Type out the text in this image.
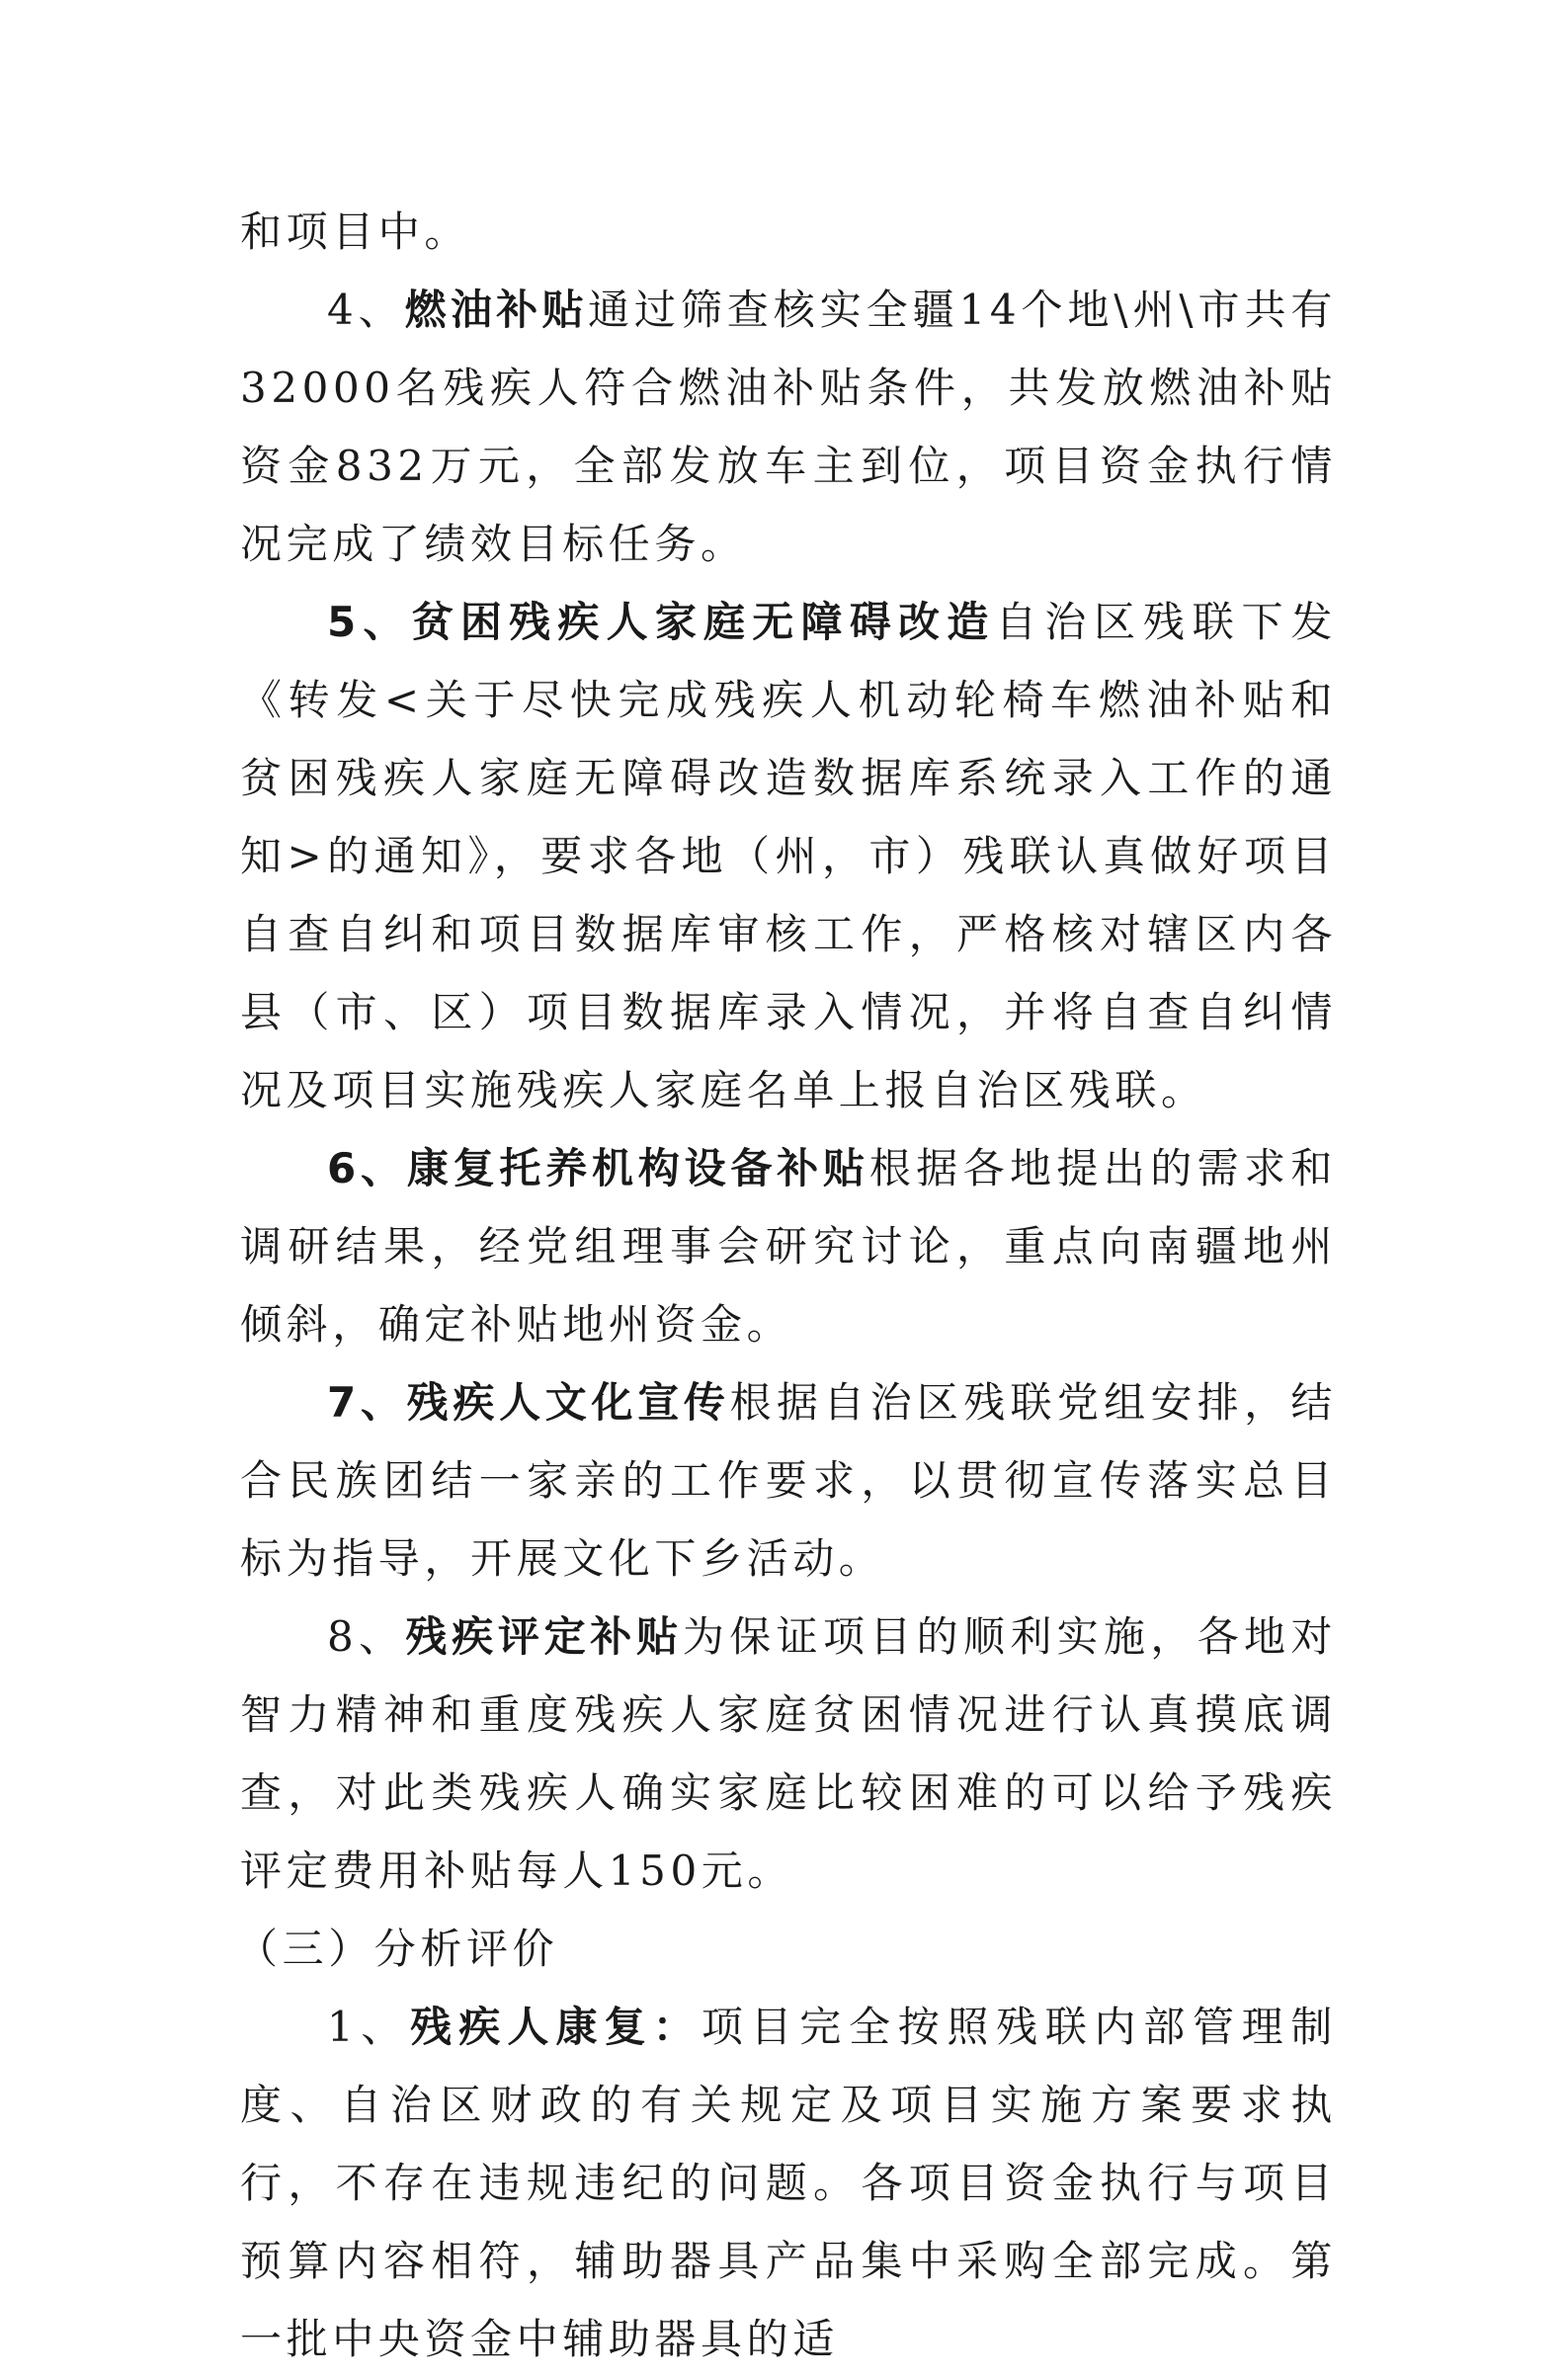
和项目中。

4、燃油补贴通过筛查核实全疆14个地\州\市共有32000名残疾人符合燃油补贴条件，共发放燃油补贴资金832万元，全部发放车主到位，项目资金执行情况完成了绩效目标任务。

5、贫困残疾人家庭无障碍改造自治区残联下发《转发<关于尽快完成残疾人机动轮椅车燃油补贴和贫困残疾人家庭无障碍改造数据库系统录入工作的通知>的通知》，要求各地（州，市）残联认真做好项目自查自纠和项目数据库审核工作，严格核对辖区内各县（市、区）项目数据库录入情况，并将自查自纠情况及项目实施残疾人家庭名单上报自治区残联。

6、康复托养机构设备补贴根据各地提出的需求和调研结果，经党组理事会研究讨论，重点向南疆地州倾斜，确定补贴地州资金。

7、残疾人文化宣传根据自治区残联党组安排，结合民族团结一家亲的工作要求，以贯彻宣传落实总目标为指导，开展文化下乡活动。

8、残疾评定补贴为保证项目的顺利实施，各地对智力精神和重度残疾人家庭贫困情况进行认真摸底调查，对此类残疾人确实家庭比较困难的可以给予残疾评定费用补贴每人150元。

（三）分析评价

1、残疾人康复：项目完全按照残联内部管理制度、自治区财政的有关规定及项目实施方案要求执行，不存在违规违纪的问题。各项目资金执行与项目预算内容相符，辅助器具产品集中采购全部完成。第一批中央资金中辅助器具的适
